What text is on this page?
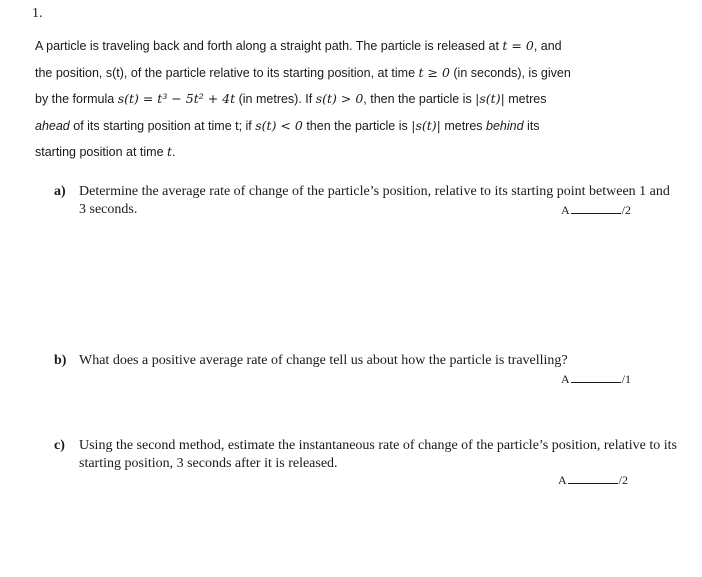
1.
A particle is traveling back and forth along a straight path. The particle is released at t = 0, and
the position, s(t), of the particle relative to its starting position, at time t ≥ 0 (in seconds), is given
by the formula s(t) = t³ − 5t² + 4t (in metres). If s(t) > 0, then the particle is |s(t)| metres
ahead of its starting position at time t; if s(t) < 0 then the particle is |s(t)| metres behind its
starting position at time t.
a) Determine the average rate of change of the particle’s position, relative to its starting point between 1 and 3 seconds.	A	/2
b) What does a positive average rate of change tell us about how the particle is travelling?
A	/1
c) Using the second method, estimate the instantaneous rate of change of the particle’s position, relative to its starting position, 3 seconds after it is released.
A	/2
